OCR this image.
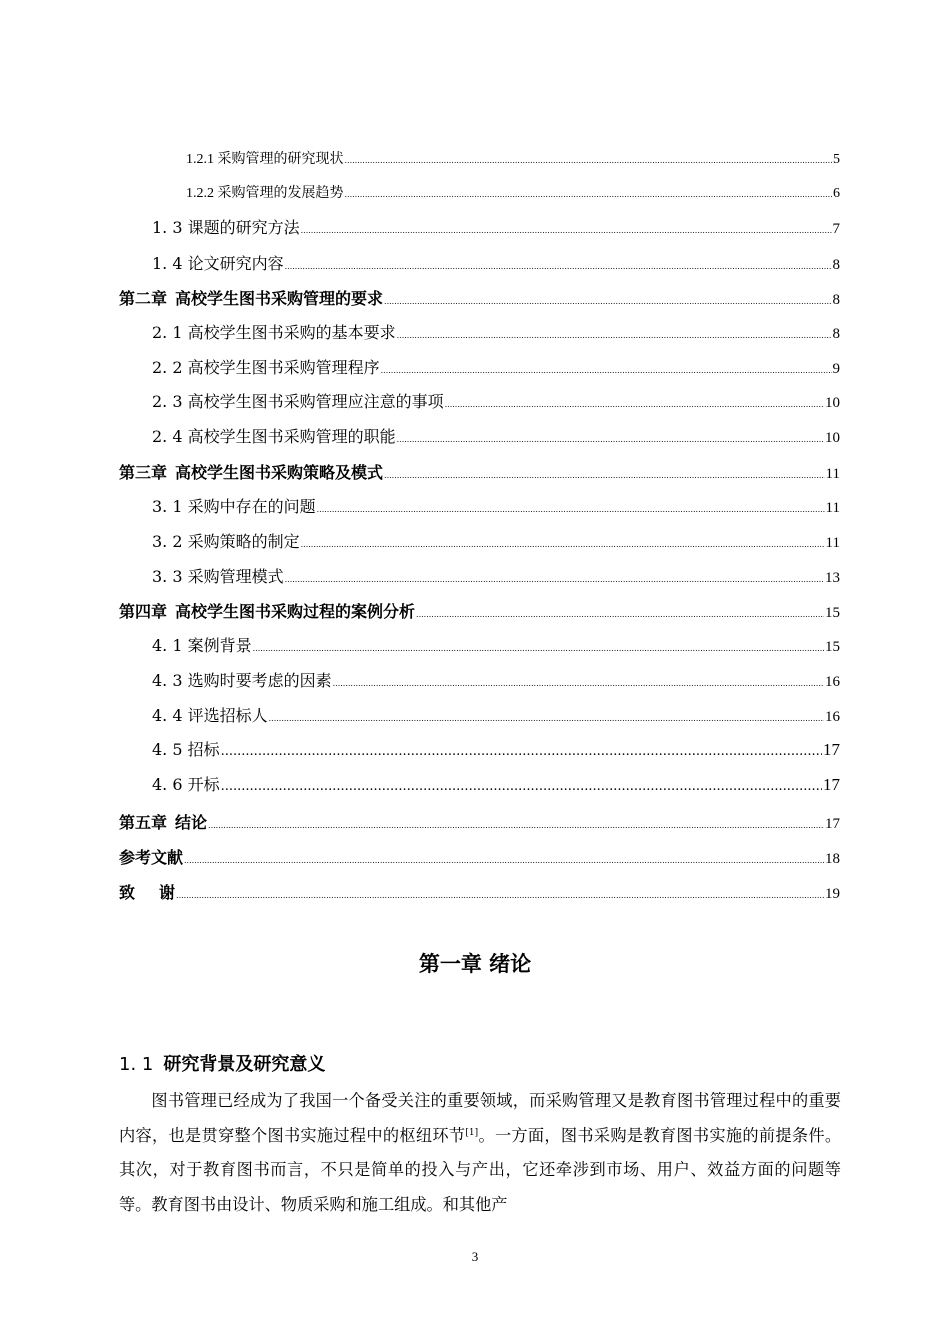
1.2.1 采购管理的研究现状 .....	5
1.2.2 采购管理的发展趋势 .....	6
1. 3 课题的研究方法 .....	7
1. 4 论文研究内容 .....	8
第二章 高校学生图书采购管理的要求 .....	8
2. 1 高校学生图书采购的基本要求 .....	8
2. 2 高校学生图书采购管理程序 .....	9
2. 3 高校学生图书采购管理应注意的事项 .....	10
2. 4 高校学生图书采购管理的职能 .....	10
第三章 高校学生图书采购策略及模式 .....	11
3. 1 采购中存在的问题 .....	11
3. 2 采购策略的制定 .....	11
3. 3 采购管理模式 .....	13
第四章 高校学生图书采购过程的案例分析 .....	15
4. 1 案例背景 .....	15
4. 3 选购时要考虑的因素 .....	16
4. 4 评选招标人 .....	16
4. 5 招标 .....	17
4. 6 开标 .....	17
第五章 结论 .....	17
参考文献 .....	18
致 谢 .....	19
第一章 绪论
1. 1 研究背景及研究意义

图书管理已经成为了我国一个备受关注的重要领域，而采购管理又是教育图书管理过程中的重要内容，也是贯穿整个图书实施过程中的枢纽环节[1]。一方面，图书采购是教育图书实施的前提条件。其次，对于教育图书而言，不只是简单的投入与产出，它还牵涉到市场、用户、效益方面的问题等等。教育图书由设计、物质采购和施工组成。和其他产

3
